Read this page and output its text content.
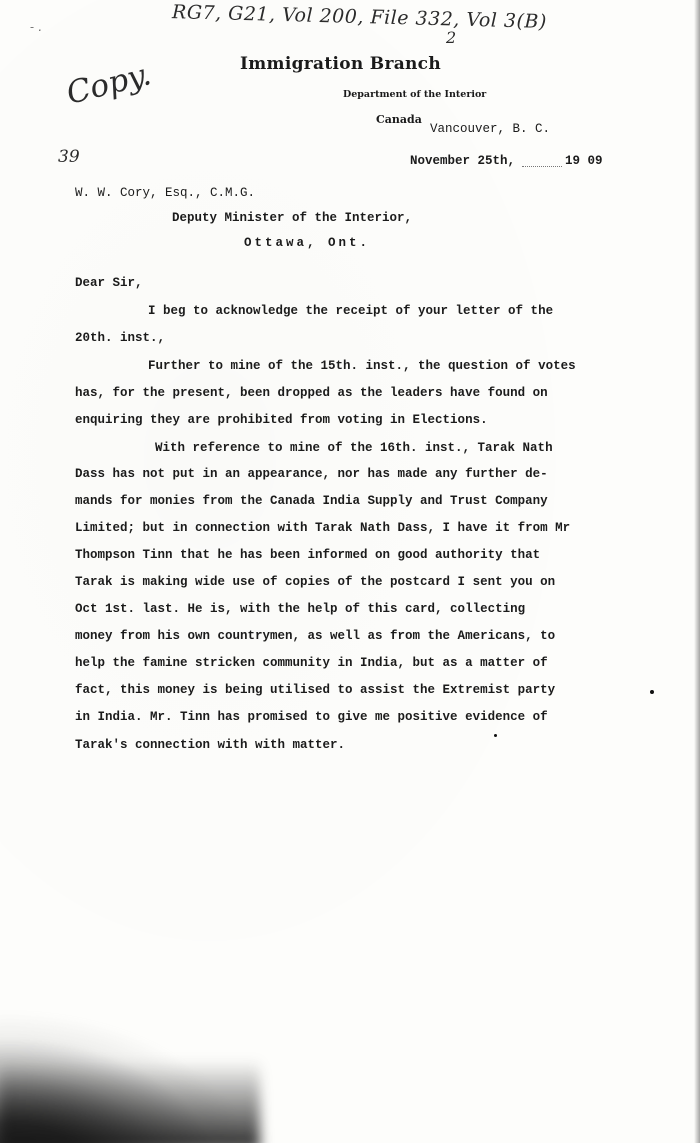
- .	RG7, G21, Vol 200, File 332, Vol 3(B)
2
Copy.
39
Immigration Branch
Department of the Interior
Canada
Vancouver, B. C.
November 25th,	19 09
W. W. Cory, Esq., C.M.G.
Deputy Minister of the Interior,
Ottawa, Ont.
Dear Sir,
I beg to acknowledge the receipt of your letter of the
20th. inst.,
Further to mine of the 15th. inst., the question of votes
has, for the present, been dropped as the leaders have found on
enquiring they are prohibited from voting in Elections.
With reference to mine of the 16th. inst., Tarak Nath
Dass has not put in an appearance, nor has made any further de-
mands for monies from the Canada India Supply and Trust Company
Limited; but in connection with Tarak Nath Dass, I have it from Mr
Thompson Tinn that he has been informed on good authority that
Tarak is making wide use of copies of the postcard I sent you on
Oct 1st. last. He is, with the help of this card, collecting
money from his own countrymen, as well as from the Americans, to
help the famine stricken community in India, but as a matter of
fact, this money is being utilised to assist the Extremist party
in India. Mr. Tinn has promised to give me positive evidence of
Tarak's connection with with matter.
